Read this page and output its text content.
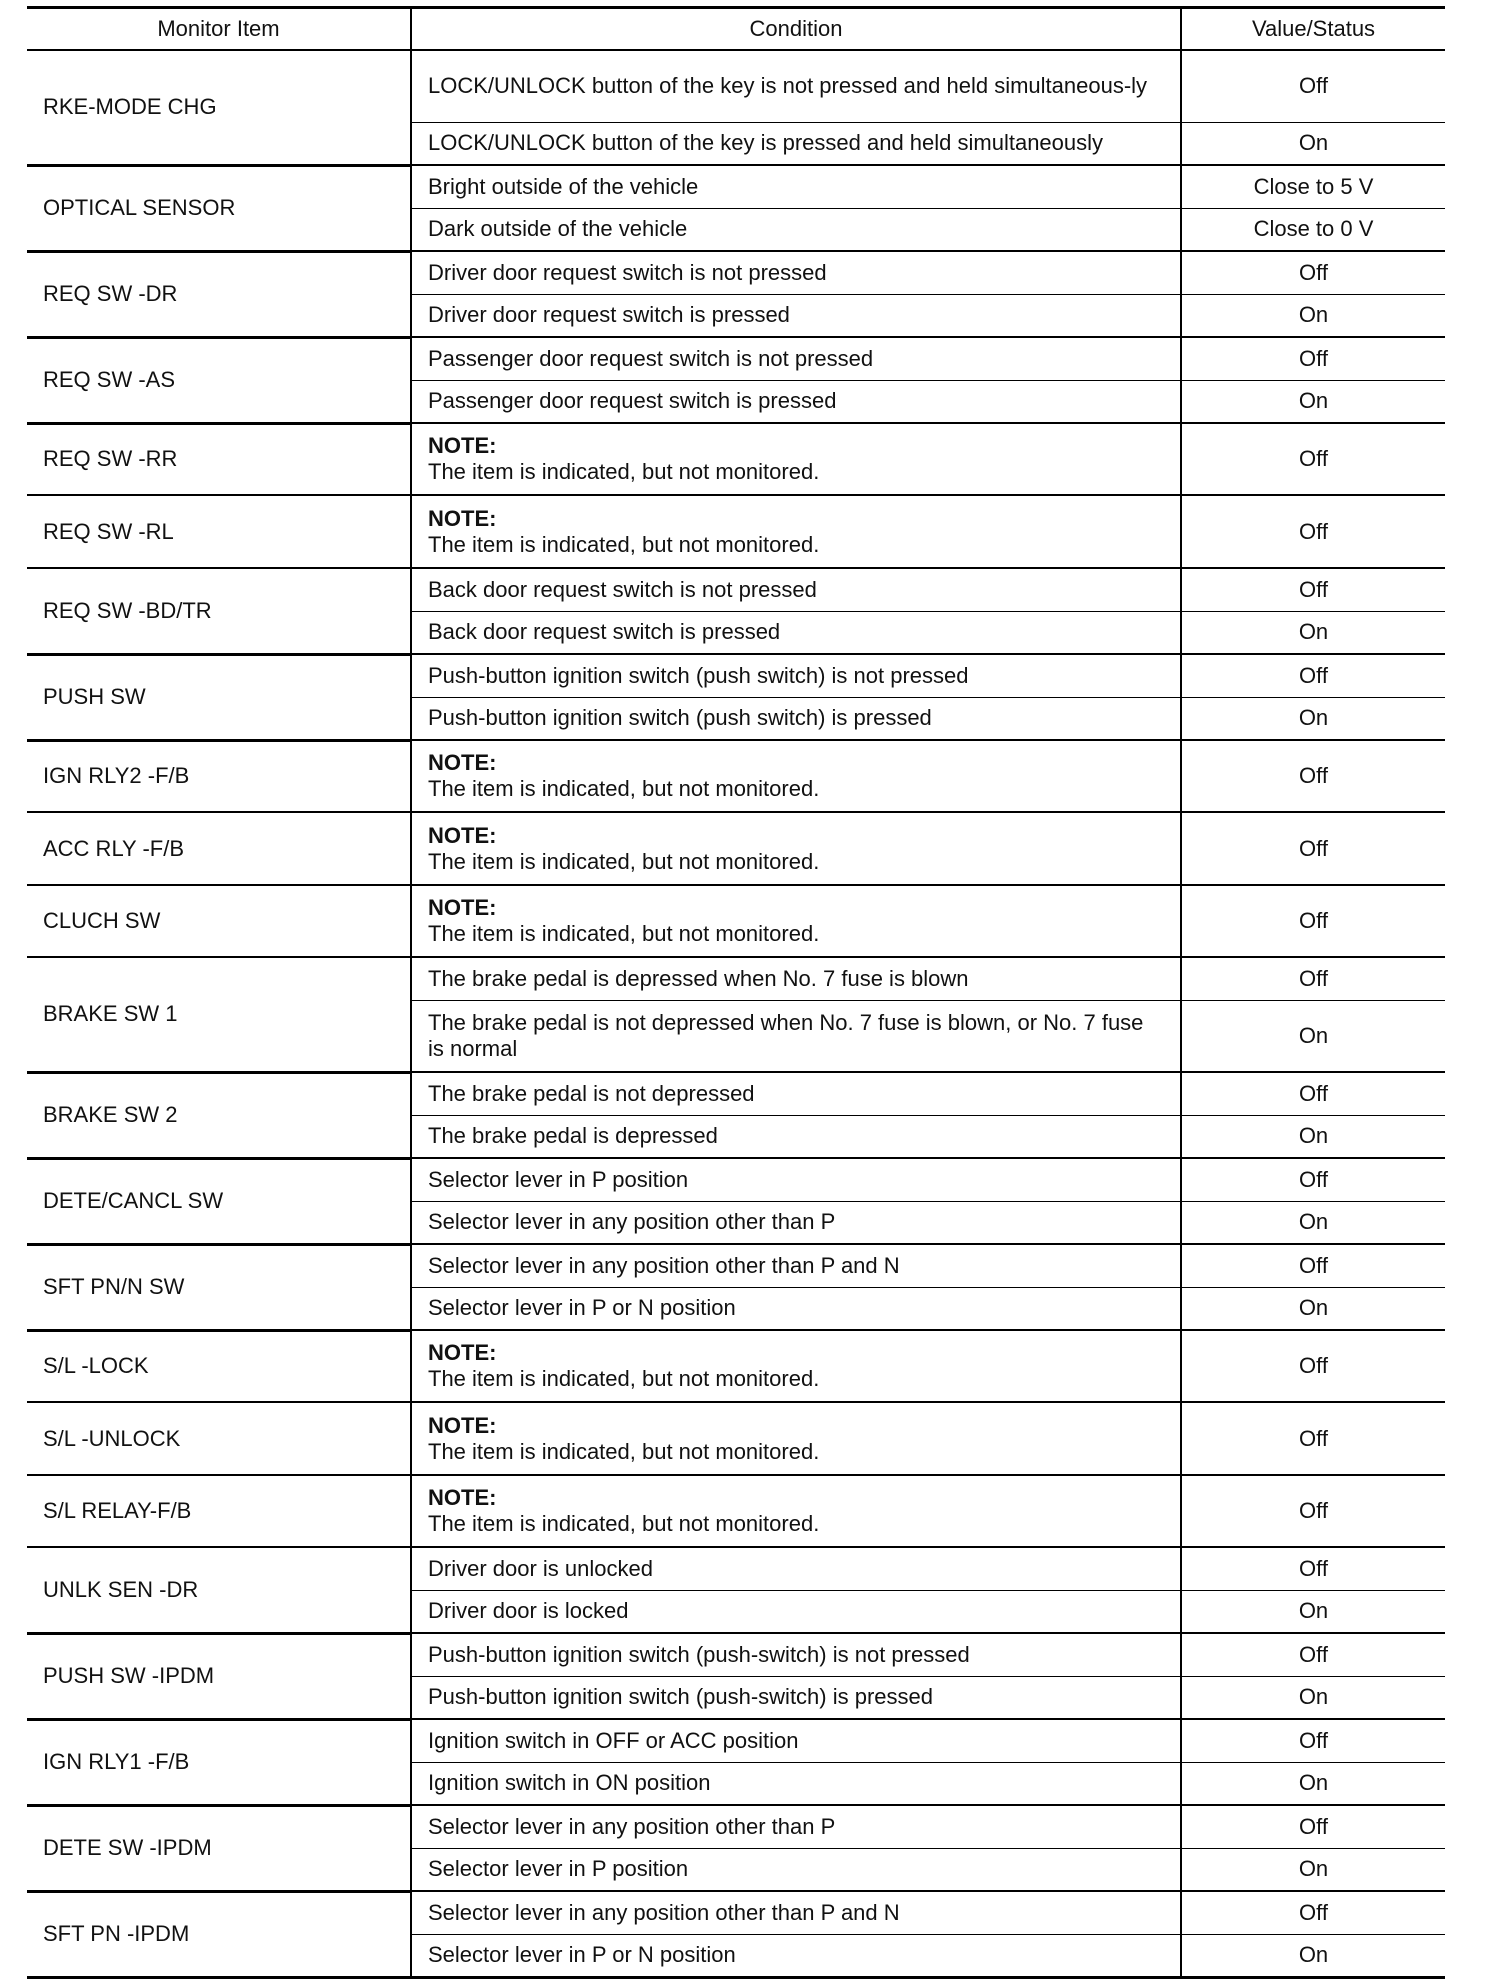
Monitor Item	Condition	Value/Status
RKE-MODE CHG	LOCK/UNLOCK button of the key is not pressed and held simultaneous-ly	Off
	LOCK/UNLOCK button of the key is pressed and held simultaneously	On
OPTICAL SENSOR	Bright outside of the vehicle	Close to 5 V
	Dark outside of the vehicle	Close to 0 V
REQ SW -DR	Driver door request switch is not pressed	Off
	Driver door request switch is pressed	On
REQ SW -AS	Passenger door request switch is not pressed	Off
	Passenger door request switch is pressed	On
REQ SW -RR	NOTE:
The item is indicated, but not monitored.	Off
REQ SW -RL	NOTE:
The item is indicated, but not monitored.	Off
REQ SW -BD/TR	Back door request switch is not pressed	Off
	Back door request switch is pressed	On
PUSH SW	Push-button ignition switch (push switch) is not pressed	Off
	Push-button ignition switch (push switch) is pressed	On
IGN RLY2 -F/B	NOTE:
The item is indicated, but not monitored.	Off
ACC RLY -F/B	NOTE:
The item is indicated, but not monitored.	Off
CLUCH SW	NOTE:
The item is indicated, but not monitored.	Off
BRAKE SW 1	The brake pedal is depressed when No. 7 fuse is blown	Off
	The brake pedal is not depressed when No. 7 fuse is blown, or No. 7 fuse is normal	On
BRAKE SW 2	The brake pedal is not depressed	Off
	The brake pedal is depressed	On
DETE/CANCL SW	Selector lever in P position	Off
	Selector lever in any position other than P	On
SFT PN/N SW	Selector lever in any position other than P and N	Off
	Selector lever in P or N position	On
S/L -LOCK	NOTE:
The item is indicated, but not monitored.	Off
S/L -UNLOCK	NOTE:
The item is indicated, but not monitored.	Off
S/L RELAY-F/B	NOTE:
The item is indicated, but not monitored.	Off
UNLK SEN -DR	Driver door is unlocked	Off
	Driver door is locked	On
PUSH SW -IPDM	Push-button ignition switch (push-switch) is not pressed	Off
	Push-button ignition switch (push-switch) is pressed	On
IGN RLY1 -F/B	Ignition switch in OFF or ACC position	Off
	Ignition switch in ON position	On
DETE SW -IPDM	Selector lever in any position other than P	Off
	Selector lever in P position	On
SFT PN -IPDM	Selector lever in any position other than P and N	Off
	Selector lever in P or N position	On
